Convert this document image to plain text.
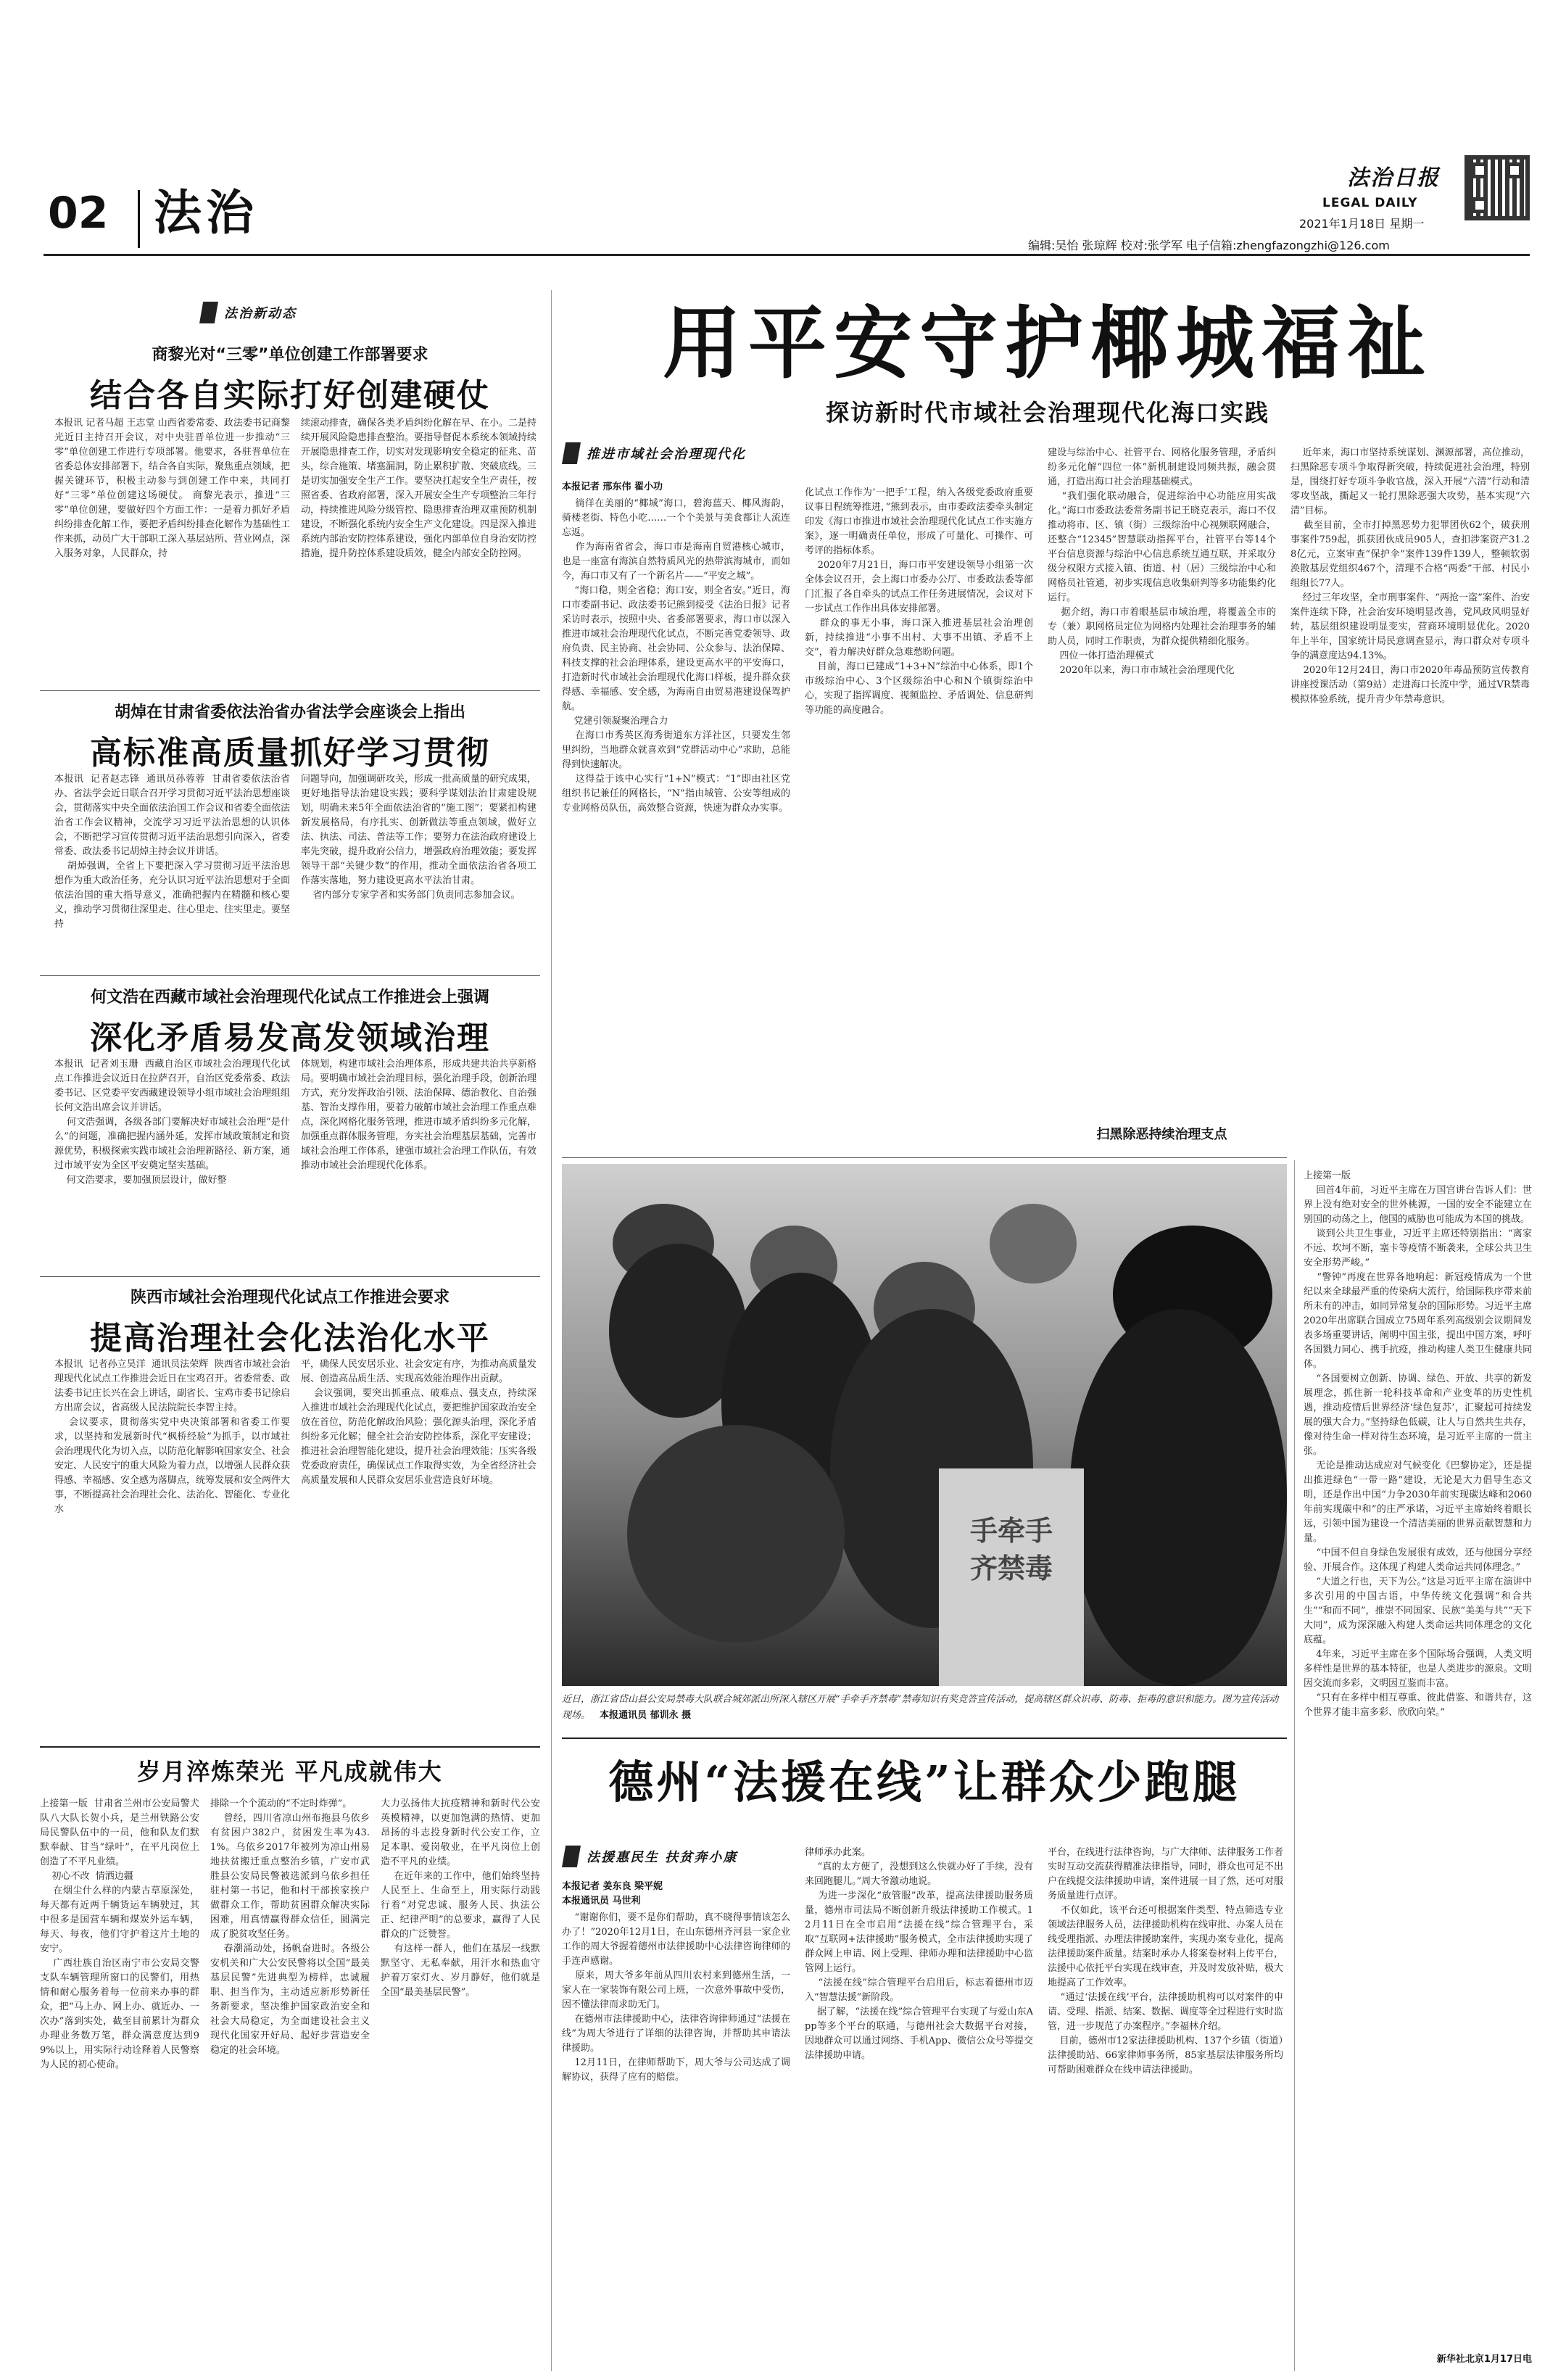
02 法治	LEGAL DAILY
法治日报
2021年1月18日 星期一
编辑:吴怡 张琼辉 校对:张学军 电子信箱:zhengfazongzhi@126.com
法治新动态
商黎光对“三零”单位创建工作部署要求
结合各自实际打好创建硬仗
本报讯 记者马超 王志堂 山西省委常委、政法委书记商黎光近日主持召开会议，对中央驻晋单位进一步推动“三零”单位创建工作进行专项部署。他要求，各驻晋单位在省委总体安排部署下，结合各自实际，聚焦重点领域，把握关键环节，积极主动参与到创建工作中来，共同打好“三零”单位创建这场硬仗。 商黎光表示，推进“三零”单位创建，要做好四个方面工作：一是着力抓好矛盾纠纷排查化解工作，要把矛盾纠纷排查化解作为基础性工作来抓，动员广大干部职工深入基层站所、营业网点，深入服务对象，人民群众，持
续滚动排查，确保各类矛盾纠纷化解在早、在小。二是持续开展风险隐患排查整治。要指导督促本系统本领域持续开展隐患排查工作，切实对发现影响安全稳定的征兆、苗头，综合施策、堵塞漏洞，防止累积扩散、突破底线。三是切实加强安全生产工作。要坚决扛起安全生产责任，按照省委、省政府部署，深入开展安全生产专项整治三年行动，持续推进风险分级管控、隐患排查治理双重预防机制建设，不断强化系统内安全生产文化建设。四是深入推进系统内部治安防控体系建设，强化内部单位自身治安防控措施，提升防控体系建设质效，健全内部安全防控网。
胡焯在甘肃省委依法治省办省法学会座谈会上指出
高标准高质量抓好学习贯彻
本报讯  记者赵志锋  通讯员孙蓉蓉  甘肃省委依法治省办、省法学会近日联合召开学习贯彻习近平法治思想座谈会，贯彻落实中央全面依法治国工作会议和省委全面依法治省工作会议精神，交流学习习近平法治思想的认识体会，不断把学习宣传贯彻习近平法治思想引向深入，省委常委、政法委书记胡焯主持会议并讲话。
胡焯强调，全省上下要把深入学习贯彻习近平法治思想作为重大政治任务，充分认识习近平法治思想对于全面依法治国的重大指导意义，准确把握内在精髓和核心要义，推动学习贯彻往深里走、往心里走、往实里走。要坚持
问题导向，加强调研攻关，形成一批高质量的研究成果，更好地指导法治建设实践；要科学谋划法治甘肃建设规划，明确未来5年全面依法治省的“施工图”；要紧扣构建新发展格局，有序扎实、创新做法等重点领域，做好立法、执法、司法、普法等工作；要努力在法治政府建设上率先突破，提升政府公信力，增强政府治理效能；要发挥领导干部“关键少数”的作用，推动全面依法治省各项工作落实落地，努力建设更高水平法治甘肃。
省内部分专家学者和实务部门负责同志参加会议。
何文浩在西藏市域社会治理现代化试点工作推进会上强调
深化矛盾易发高发领域治理
本报讯  记者刘玉珊  西藏自治区市域社会治理现代化试点工作推进会议近日在拉萨召开，自治区党委常委、政法委书记、区党委平安西藏建设领导小组市域社会治理组组长何文浩出席会议并讲话。
何文浩强调，各级各部门要解决好市域社会治理“是什么”的问题，准确把握内涵外延，发挥市域政策制定和资源优势，积极探索实践市域社会治理新路径、新方案，通过市域平安为全区平安奠定坚实基础。
何文浩要求，要加强顶层设计，做好整
体规划，构建市域社会治理体系，形成共建共治共享新格局。要明确市域社会治理目标，强化治理手段，创新治理方式，充分发挥政治引领、法治保障、德治教化、自治强基、智治支撑作用，要着力破解市域社会治理工作重点难点，深化网格化服务管理，推进市域矛盾纠纷多元化解，加强重点群体服务管理，夯实社会治理基层基础，完善市域社会治理工作体系，建强市域社会治理工作队伍，有效推动市域社会治理现代化体系。
陕西市域社会治理现代化试点工作推进会要求
提高治理社会化法治化水平
本报讯  记者孙立昊洋  通讯员法荣辉  陕西省市域社会治理现代化试点工作推进会近日在宝鸡召开。省委常委、政法委书记庄长兴在会上讲话，副省长、宝鸡市委书记徐启方出席会议，省高级人民法院院长李智主持。
会议要求，贯彻落实党中央决策部署和省委工作要求，以坚持和发展新时代“枫桥经验”为抓手，以市域社会治理现代化为切入点，以防范化解影响国家安全、社会安定、人民安宁的重大风险为着力点，以增强人民群众获得感、幸福感、安全感为落脚点，统筹发展和安全两件大事，不断提高社会治理社会化、法治化、智能化、专业化水
平，确保人民安居乐业、社会安定有序，为推动高质量发展、创造高品质生活、实现高效能治理作出贡献。
会议强调，要突出抓重点、破难点、强支点，持续深入推进市域社会治理现代化试点，要把维护国家政治安全放在首位，防范化解政治风险；强化源头治理，深化矛盾纠纷多元化解；健全社会治安防控体系，深化平安建设；推进社会治理智能化建设，提升社会治理效能；压实各级党委政府责任，确保试点工作取得实效，为全省经济社会高质量发展和人民群众安居乐业营造良好环境。
岁月淬炼荣光 平凡成就伟大
上接第一版  甘肃省兰州市公安局警犬队八大队长贺小兵，是兰州铁路公安局民警队伍中的一员，他和队友们默默奉献、甘当“绿叶”，在平凡岗位上创造了不平凡业绩。
初心不改  情洒边疆
在烟尘什么样的内蒙古草原深处，每天都有近两千辆货运车辆驶过，其中很多是国营车辆和煤炭外运车辆，每天、每夜，他们守护着这片土地的安宁。
广西壮族自治区南宁市公安局交警支队车辆管理所窗口的民警们，用热情和耐心服务着每一位前来办事的群众，把“马上办、网上办、就近办、一次办”落到实处，截至目前累计为群众办理业务数万笔，群众满意度达到99%以上，用实际行动诠释着人民警察为人民的初心使命。
排除一个个流动的“不定时炸弹”。
曾经，四川省凉山州布拖县乌依乡有贫困户382户，贫困发生率为43.1%。乌依乡2017年被列为凉山州易地扶贫搬迁重点整治乡镇，广安市武胜县公安局民警被选派到乌依乡担任驻村第一书记，他和村干部挨家挨户做群众工作，帮助贫困群众解决实际困难，用真情赢得群众信任，圆满完成了脱贫攻坚任务。
春潮涌动处，扬帆奋进时。各级公安机关和广大公安民警将以全国“最美基层民警”先进典型为榜样，忠诚履职、担当作为，主动适应新形势新任务新要求，坚决维护国家政治安全和社会大局稳定，为全面建设社会主义现代化国家开好局、起好步营造安全稳定的社会环境。
大力弘扬伟大抗疫精神和新时代公安英模精神，以更加饱满的热情、更加昂扬的斗志投身新时代公安工作，立足本职、爱岗敬业，在平凡岗位上创造不平凡的业绩。
在近年来的工作中，他们始终坚持人民至上、生命至上，用实际行动践行着“对党忠诚、服务人民、执法公正、纪律严明”的总要求，赢得了人民群众的广泛赞誉。
有这样一群人，他们在基层一线默默坚守、无私奉献，用汗水和热血守护着万家灯火、岁月静好，他们就是全国“最美基层民警”。
用平安守护椰城福祉
探访新时代市域社会治理现代化海口实践
推进市域社会治理现代化
本报记者 邢东伟 翟小功
徜徉在美丽的“椰城”海口，碧海蓝天、椰风海韵，骑楼老街、特色小吃……一个个美景与美食都让人流连忘返。
作为海南省省会，海口市是海南自贸港核心城市，也是一座富有海滨自然特质风光的热带滨海城市，而如今，海口市又有了一个新名片——“平安之城”。
“海口稳，则全省稳；海口安，则全省安。”近日，海口市委副书记、政法委书记熊到接受《法治日报》记者采访时表示，按照中央、省委部署要求，海口市以深入推进市域社会治理现代化试点，不断完善党委领导、政府负责、民主协商、社会协同、公众参与、法治保障、科技支撑的社会治理体系，建设更高水平的平安海口，打造新时代市域社会治理现代化海口样板，提升群众获得感、幸福感、安全感，为海南自由贸易港建设保驾护航。
党建引领凝聚治理合力
在海口市秀英区海秀街道东方洋社区，只要发生邻里纠纷，当地群众就喜欢到“党群活动中心”求助，总能得到快速解决。
这得益于该中心实行“1+N”模式：“1”即由社区党组织书记兼任的网格长，“N”指由城管、公安等组成的专业网格员队伍，高效整合资源，快速为群众办实事。
化试点工作作为‘一把手’工程，纳入各级党委政府重要议事日程统筹推进，”熊到表示，由市委政法委牵头制定印发《海口市推进市域社会治理现代化试点工作实施方案》，逐一明确责任单位，形成了可量化、可操作、可考评的指标体系。
2020年7月21日，海口市平安建设领导小组第一次全体会议召开，会上海口市委办公厅、市委政法委等部门汇报了各自牵头的试点工作任务进展情况，会议对下一步试点工作作出具体安排部署。
群众的事无小事，海口深入推进基层社会治理创新，持续推进“小事不出村、大事不出镇、矛盾不上交”，着力解决好群众急难愁盼问题。
目前，海口已建成“1+3+N”综治中心体系，即1个市级综治中心、3个区级综治中心和N个镇街综治中心，实现了指挥调度、视频监控、矛盾调处、信息研判等功能的高度融合。
建设与综治中心、社管平台、网格化服务管理，矛盾纠纷多元化解“四位一体”新机制建设同频共振，融会贯通，打造出海口社会治理基础模式。
“我们强化联动融合，促进综治中心功能应用实战化。”海口市委政法委常务副书记王晓克表示，海口不仅推动将市、区、镇（街）三级综治中心视频联网融合，还整合“12345”智慧联动指挥平台，社管平台等14个平台信息资源与综治中心信息系统互通互联，并采取分级分权限方式接入镇、街道、村（居）三级综治中心和网格员社管通，初步实现信息收集研判等多功能集约化运行。
据介绍，海口市着眼基层市域治理，将覆盖全市的专（兼）职网格员定位为网格内处理社会治理事务的辅助人员，同时工作职责，为群众提供精细化服务。
四位一体打造治理模式
2020年以来，海口市市域社会治理现代化
近年来，海口市坚持系统谋划、渊源部署，高位推动，扫黑除恶专项斗争取得新突破，持续促进社会治理，特别是，围绕打好专项斗争收官战，深入开展“六清”行动和清零攻坚战，撕起又一轮打黑除恶强大攻势，基本实现“六清”目标。
截至目前，全市打掉黑恶势力犯罪团伙62个，破获刑事案件759起，抓获团伙成员905人，查扣涉案资产31.28亿元，立案审查“保护伞”案件139件139人，整顿软弱涣散基层党组织467个，清理不合格“两委”干部、村民小组组长77人。
经过三年攻坚，全市刑事案件、“两抢一盗”案件、治安案件连续下降，社会治安环境明显改善，党风政风明显好转，基层组织建设明显变实，营商环境明显优化。2020年上半年，国家统计局民意调查显示，海口群众对专项斗争的满意度达94.13%。
2020年12月24日，海口市2020年毒品预防宣传教育讲座授课活动（第9站）走进海口长流中学，通过VR禁毒模拟体验系统，提升青少年禁毒意识。
扫黑除恶持续治理支点
手牵手 齐禁毒
近日，浙江省岱山县公安局禁毒大队联合城郊派出所深入辖区开展“手牵手齐禁毒”禁毒知识有奖竞答宣传活动，提高辖区群众识毒、防毒、拒毒的意识和能力。图为宣传活动现场。 本报通讯员 郁训永 摄
德州“法援在线”让群众少跑腿
法援惠民生 扶贫奔小康
本报记者 姜东良 梁平妮
本报通讯员 马世利
“谢谢你们，要不是你们帮助，真不晓得事情该怎么办了！”2020年12月1日，在山东德州齐河县一家企业工作的周大爷握着德州市法律援助中心法律咨询律师的手连声感谢。
原来，周大爷多年前从四川农村来到德州生活，一家人在一家装饰有限公司上班，一次意外事故中受伤，因不懂法律而求助无门。
在德州市法律援助中心，法律咨询律师通过“法援在线”为周大爷进行了详细的法律咨询，并帮助其申请法律援助。
12月11日，在律师帮助下，周大爷与公司达成了调解协议，获得了应有的赔偿。
律师承办此案。
“真的太方便了，没想到这么快就办好了手续，没有来回跑腿儿。”周大爷激动地说。
为进一步深化“放管服”改革，提高法律援助服务质量，德州市司法局不断创新升级法律援助工作模式。12月11日在全市启用“法援在线”综合管理平台，采取“互联网+法律援助”服务模式，全市法律援助实现了群众网上申请、网上受理、律师办理和法律援助中心监管网上运行。
“法援在线”综合管理平台启用后，标志着德州市迈入“智慧法援”新阶段。
据了解，“法援在线”综合管理平台实现了与爱山东App等多个平台的联通，与德州社会大数据平台对接，因地群众可以通过网络、手机App、微信公众号等提交法律援助申请。
平台，在线进行法律咨询，与广大律师、法律服务工作者实时互动交流获得精准法律指导，同时，群众也可足不出户在线提交法律援助申请，案件进展一目了然，还可对服务质量进行点评。
不仅如此，该平台还可根据案件类型、特点筛选专业领域法律服务人员，法律援助机构在线审批、办案人员在线受理指派、办理法律援助案件，实现办案专业化，提高法律援助案件质量。结案时承办人将案卷材料上传平台，法援中心依托平台实现在线审查，并及时发放补贴，极大地提高了工作效率。
“通过‘法援在线’平台，法律援助机构可以对案件的申请、受理、指派、结案、数据、调度等全过程进行实时监管，进一步规范了办案程序。”李福林介绍。
目前，德州市12家法律援助机构、137个乡镇（街道）法律援助站、66家律师事务所，85家基层法律服务所均可帮助困难群众在线申请法律援助。
上接第一版
回首4年前，习近平主席在万国宫讲台告诉人们：世界上没有绝对安全的世外桃源，一国的安全不能建立在别国的动荡之上，他国的威胁也可能成为本国的挑战。
谈到公共卫生事业，习近平主席还特别指出：“离家不远、坎坷不断，塞卡等疫情不断袭来，全球公共卫生安全形势严峻。”
“警钟”再度在世界各地响起：新冠疫情成为一个世纪以来全球最严重的传染病大流行，给国际秩序带来前所未有的冲击，如同异常复杂的国际形势。习近平主席2020年出席联合国成立75周年系列高级别会议期间发表多场重要讲话，阐明中国主张，提出中国方案，呼吁各国戮力同心、携手抗疫，推动构建人类卫生健康共同体。
“各国要树立创新、协调、绿色、开放、共享的新发展理念，抓住新一轮科技革命和产业变革的历史性机遇，推动疫情后世界经济‘绿色复苏’，汇聚起可持续发展的强大合力。”坚持绿色低碳，让人与自然共生共存，像对待生命一样对待生态环境，是习近平主席的一贯主张。
无论是推动达成应对气候变化《巴黎协定》，还是提出推进绿色“一带一路”建设，无论是大力倡导生态文明，还是作出中国“力争2030年前实现碳达峰和2060年前实现碳中和”的庄严承诺，习近平主席始终着眼长远，引领中国为建设一个清洁美丽的世界贡献智慧和力量。
“中国不但自身绿色发展很有成效，还与他国分享经验、开展合作。这体现了构建人类命运共同体理念。”
“大道之行也，天下为公。”这是习近平主席在演讲中多次引用的中国古语，中华传统文化强调“和合共生”“和而不同”，推崇不同国家、民族“美美与共”“天下大同”，成为深深融入构建人类命运共同体理念的文化底蕴。
4年来，习近平主席在多个国际场合强调，人类文明多样性是世界的基本特征，也是人类进步的源泉。文明因交流而多彩，文明因互鉴而丰富。
“只有在多样中相互尊重、彼此借鉴、和谐共存，这个世界才能丰富多彩、欣欣向荣。”
新华社北京1月17日电
